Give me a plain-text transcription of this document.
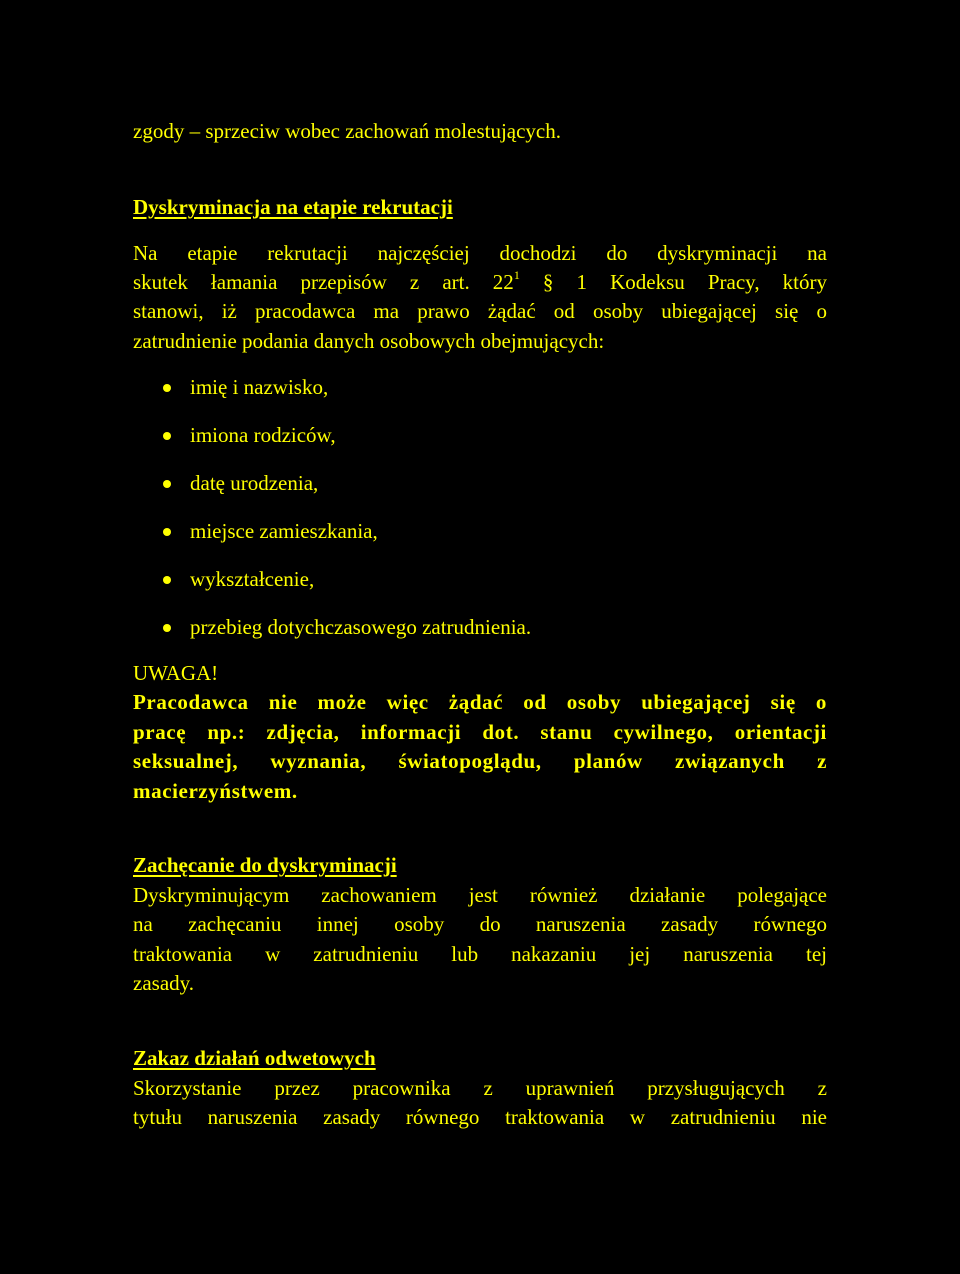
zgody – sprzeciw wobec zachowań molestujących.
Dyskryminacja na etapie rekrutacji
Na etapie rekrutacji najczęściej dochodzi do dyskryminacji na
skutek łamania przepisów z art. $22^1$ § 1 Kodeksu Pracy, który
stanowi, iż pracodawca ma prawo żądać od osoby ubiegającej się o
zatrudnienie podania danych osobowych obejmujących:
imię i nazwisko,
imiona rodziców,
datę urodzenia,
miejsce zamieszkania,
wykształcenie,
przebieg dotychczasowego zatrudnienia.
UWAGA!
Pracodawca nie może więc żądać od osoby ubiegającej się o
pracę np.: zdjęcia, informacji dot. stanu cywilnego, orientacji
seksualnej, wyznania, światopoglądu, planów związanych z
macierzyństwem.
Zachęcanie do dyskryminacji
Dyskryminującym zachowaniem jest również działanie polegające
na zachęcaniu innej osoby do naruszenia zasady równego
traktowania w zatrudnieniu lub nakazaniu jej naruszenia tej
zasady.
Zakaz działań odwetowych
Skorzystanie przez pracownika z uprawnień przysługujących z
tytułu naruszenia zasady równego traktowania w zatrudnieniu nie
